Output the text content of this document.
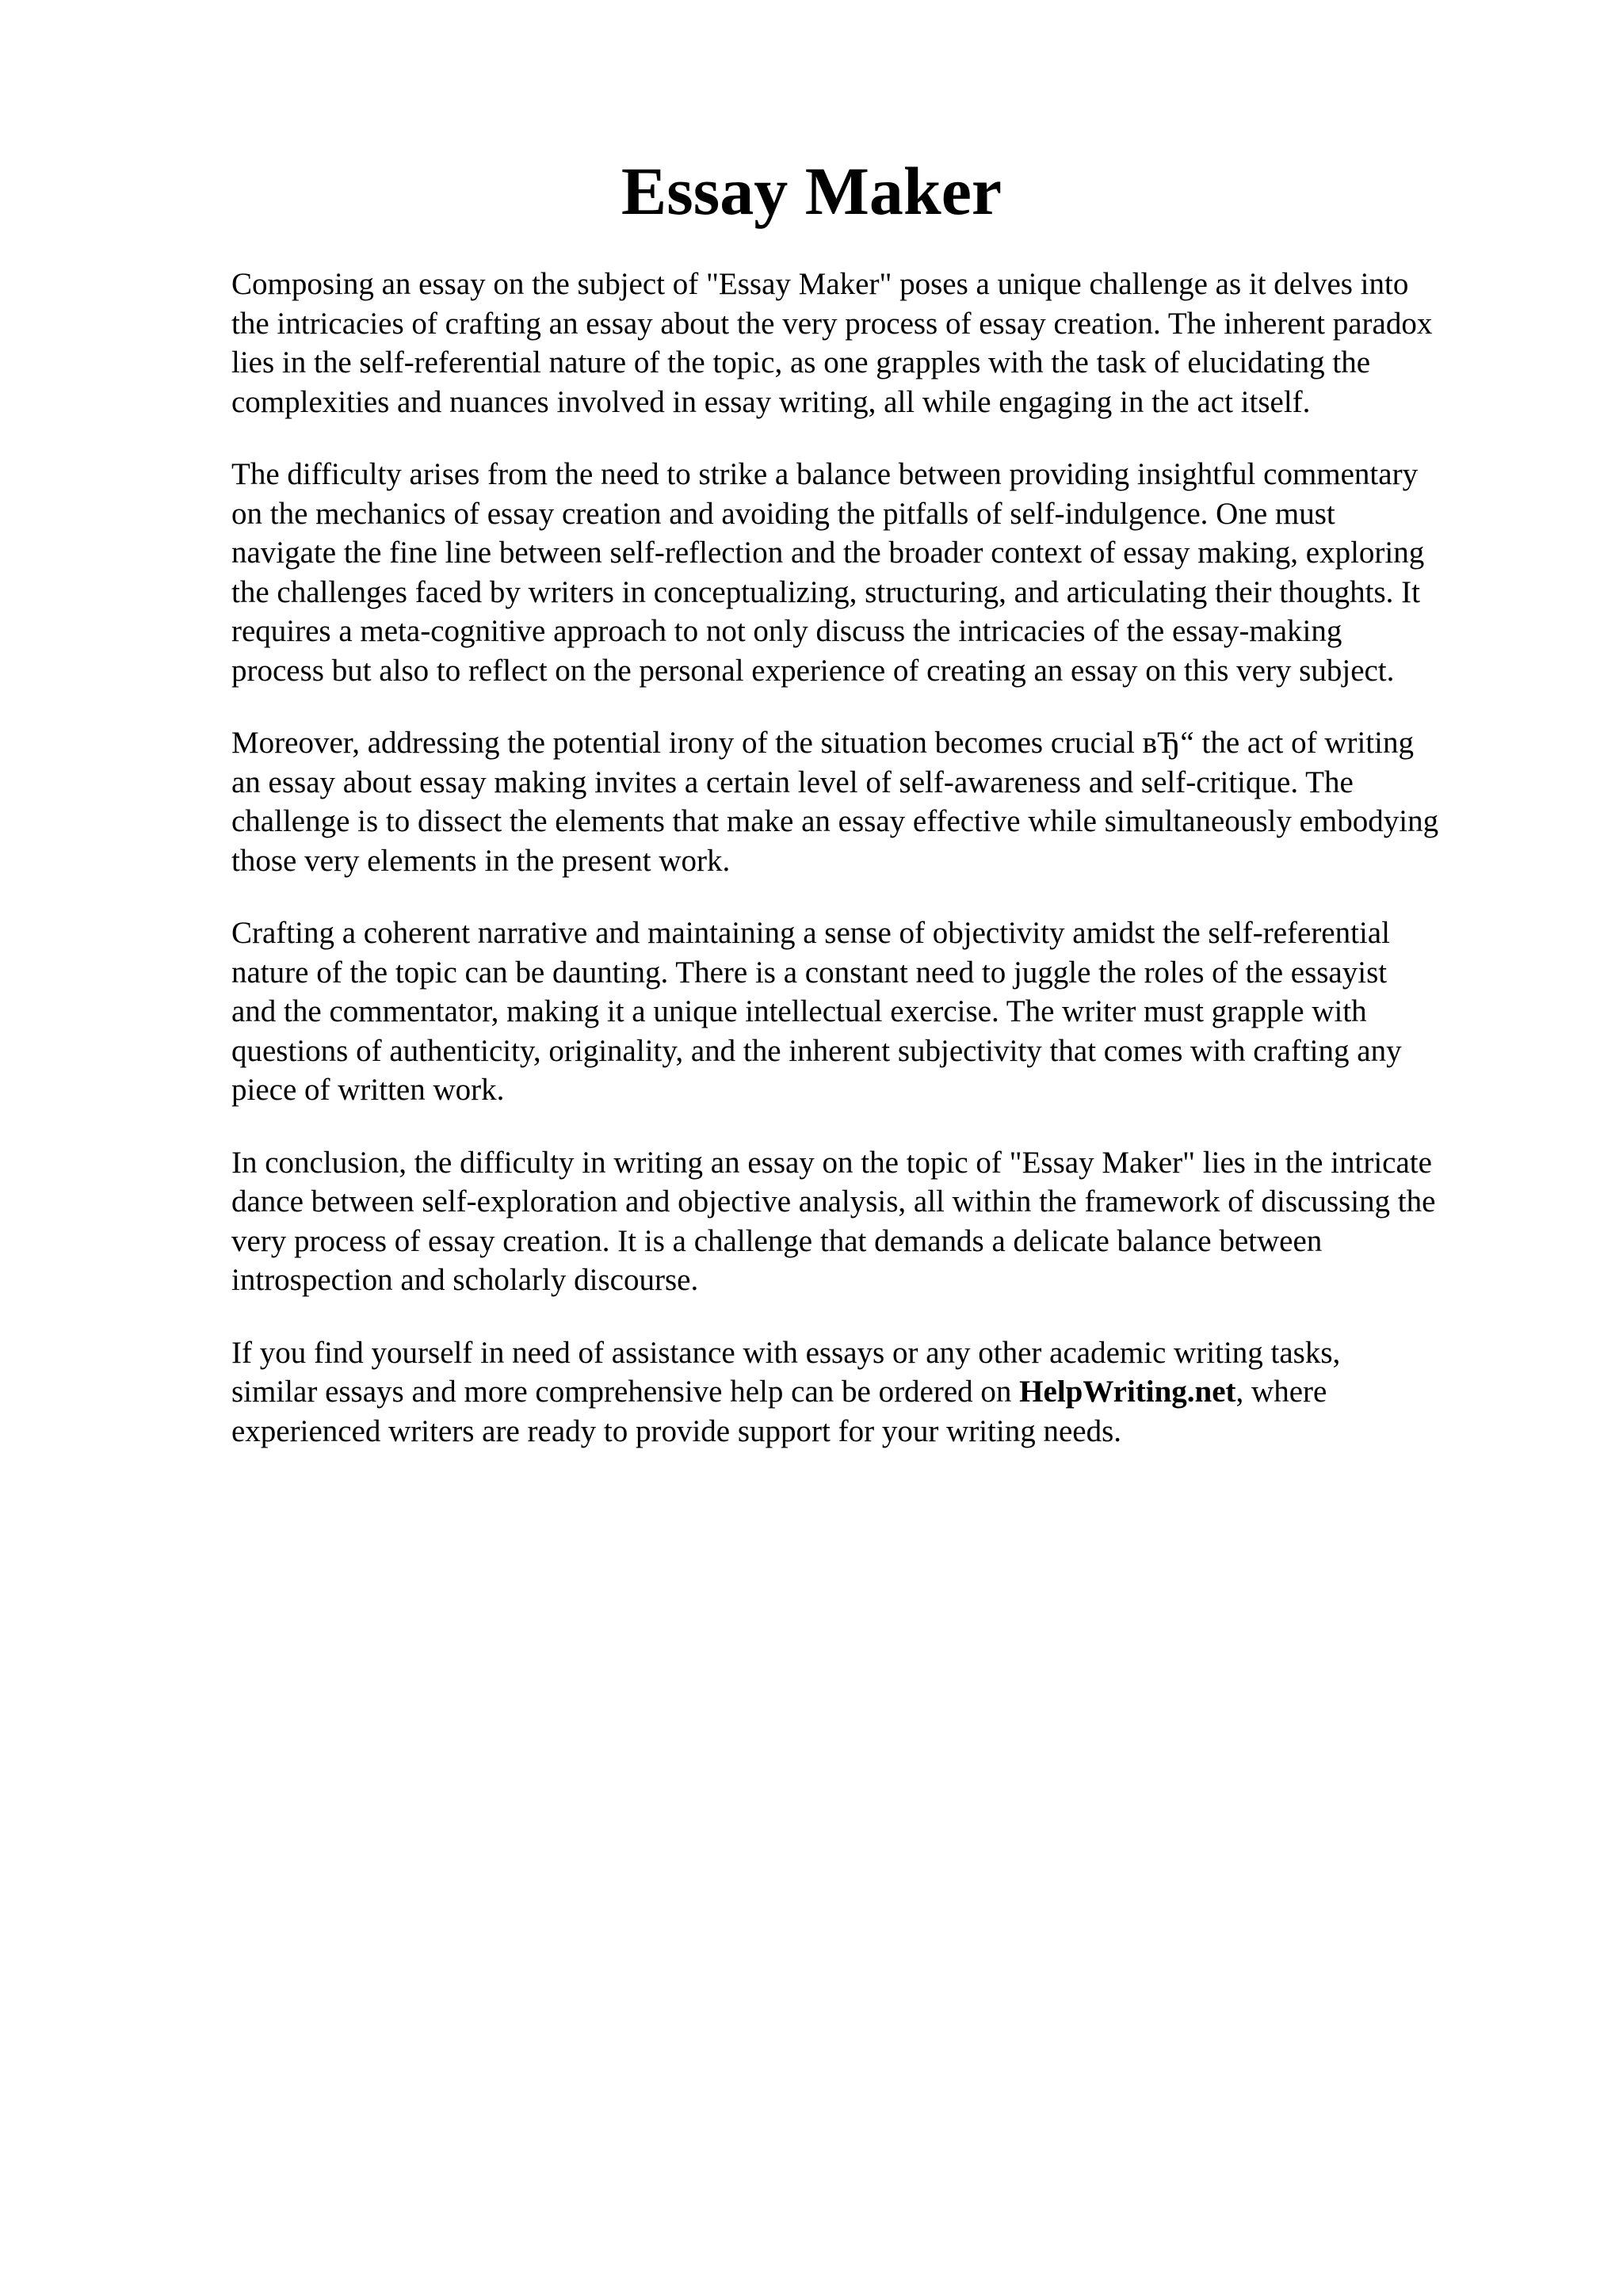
Essay Maker

Composing an essay on the subject of "Essay Maker" poses a unique challenge as it delves into
the intricacies of crafting an essay about the very process of essay creation. The inherent paradox
lies in the self-referential nature of the topic, as one grapples with the task of elucidating the
complexities and nuances involved in essay writing, all while engaging in the act itself.

The difficulty arises from the need to strike a balance between providing insightful commentary
on the mechanics of essay creation and avoiding the pitfalls of self-indulgence. One must
navigate the fine line between self-reflection and the broader context of essay making, exploring
the challenges faced by writers in conceptualizing, structuring, and articulating their thoughts. It
requires a meta-cognitive approach to not only discuss the intricacies of the essay-making
process but also to reflect on the personal experience of creating an essay on this very subject.

Moreover, addressing the potential irony of the situation becomes crucial вЂ“ the act of writing
an essay about essay making invites a certain level of self-awareness and self-critique. The
challenge is to dissect the elements that make an essay effective while simultaneously embodying
those very elements in the present work.

Crafting a coherent narrative and maintaining a sense of objectivity amidst the self-referential
nature of the topic can be daunting. There is a constant need to juggle the roles of the essayist
and the commentator, making it a unique intellectual exercise. The writer must grapple with
questions of authenticity, originality, and the inherent subjectivity that comes with crafting any
piece of written work.

In conclusion, the difficulty in writing an essay on the topic of "Essay Maker" lies in the intricate
dance between self-exploration and objective analysis, all within the framework of discussing the
very process of essay creation. It is a challenge that demands a delicate balance between
introspection and scholarly discourse.

If you find yourself in need of assistance with essays or any other academic writing tasks,
similar essays and more comprehensive help can be ordered on HelpWriting.net, where
experienced writers are ready to provide support for your writing needs.
